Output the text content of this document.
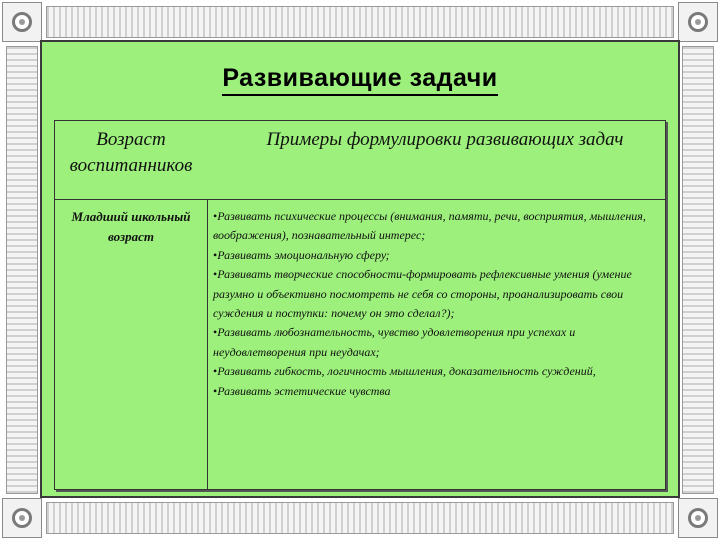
Развивающие задачи
Возраст воспитанников
Примеры формулировки развивающих задач
Младший школьный возраст

• Развивать психические процессы (внимания, памяти, речи, восприятия, мышления, воображения), познавательный интерес;

• Развивать эмоциональную сферу;

• Развивать творческие способности-формировать рефлексивные умения (умение разумно и объективно посмотреть не себя со стороны, проанализировать свои суждения и поступки: почему он это сделал?);

• Развивать любознательность, чувство удовлетворения при успехах и неудовлетворения при неудачах;

• Развивать гибкость, логичность мышления, доказательность суждений,

• Развивать эстетические чувства
